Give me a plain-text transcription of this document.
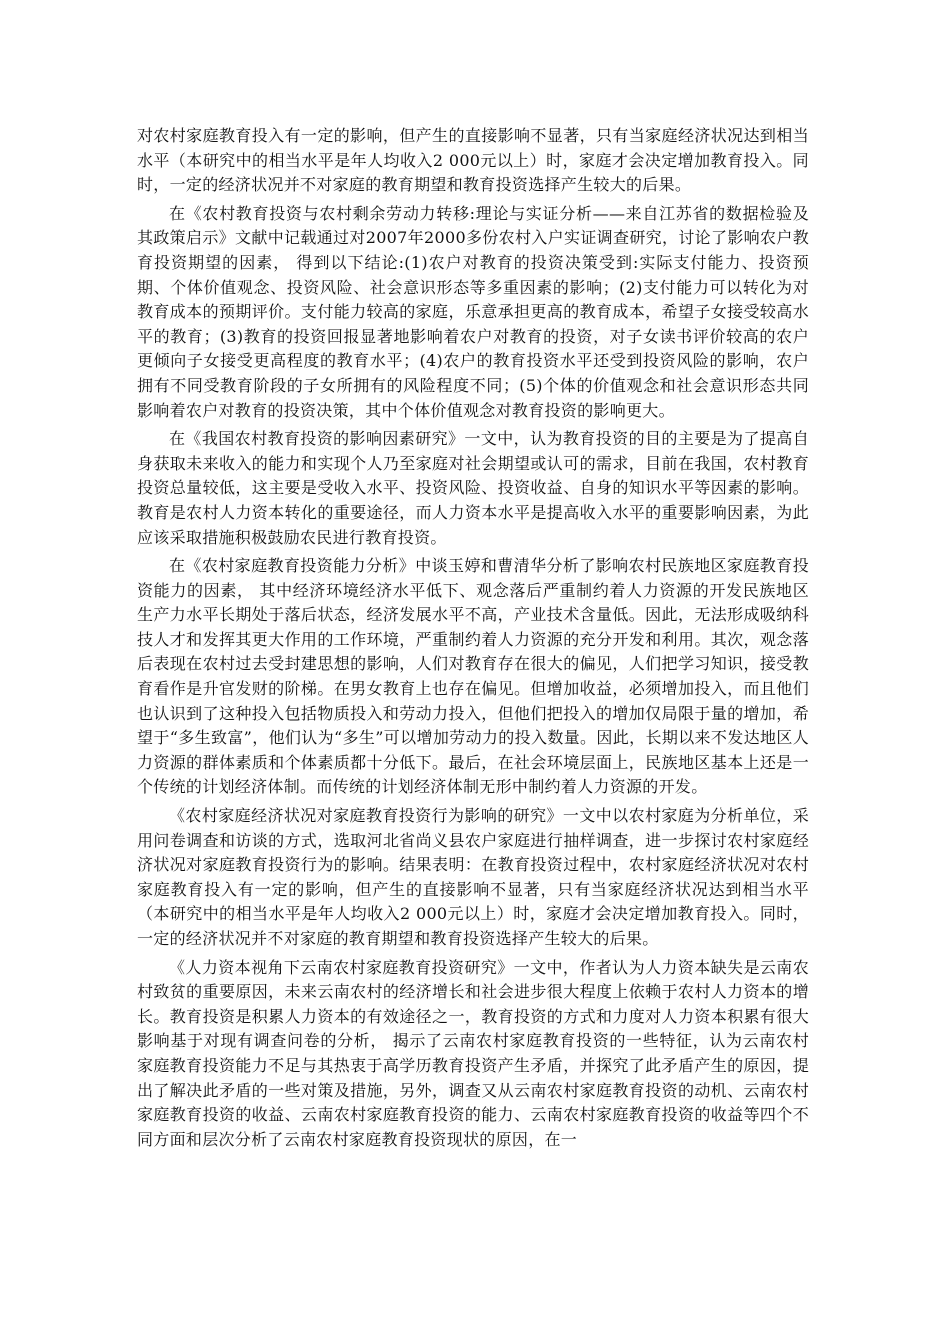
对农村家庭教育投入有一定的影响，但产生的直接影响不显著，只有当家庭经济状况达到相当水平（本研究中的相当水平是年人均收入2 000元以上）时，家庭才会决定增加教育投入。同时，一定的经济状况并不对家庭的教育期望和教育投资选择产生较大的后果。

在《农村教育投资与农村剩余劳动力转移:理论与实证分析——来自江苏省的数据检验及其政策启示》文献中记载通过对2007年2000多份农村入户实证调查研究，讨论了影响农户教育投资期望的因素， 得到以下结论:(1)农户对教育的投资决策受到:实际支付能力、投资预期、个体价值观念、投资风险、社会意识形态等多重因素的影响；(2)支付能力可以转化为对教育成本的预期评价。支付能力较高的家庭，乐意承担更高的教育成本，希望子女接受较高水平的教育；(3)教育的投资回报显著地影响着农户对教育的投资，对子女读书评价较高的农户更倾向子女接受更高程度的教育水平；(4)农户的教育投资水平还受到投资风险的影响，农户拥有不同受教育阶段的子女所拥有的风险程度不同；(5)个体的价值观念和社会意识形态共同影响着农户对教育的投资决策，其中个体价值观念对教育投资的影响更大。

在《我国农村教育投资的影响因素研究》一文中，认为教育投资的目的主要是为了提高自身获取未来收入的能力和实现个人乃至家庭对社会期望或认可的需求，目前在我国，农村教育投资总量较低，这主要是受收入水平、投资风险、投资收益、自身的知识水平等因素的影响。教育是农村人力资本转化的重要途径，而人力资本水平是提高收入水平的重要影响因素，为此应该采取措施积极鼓励农民进行教育投资。

在《农村家庭教育投资能力分析》中谈玉婷和曹清华分析了影响农村民族地区家庭教育投资能力的因素， 其中经济环境经济水平低下、观念落后严重制约着人力资源的开发民族地区生产力水平长期处于落后状态，经济发展水平不高，产业技术含量低。因此，无法形成吸纳科技人才和发挥其更大作用的工作环境，严重制约着人力资源的充分开发和利用。其次，观念落后表现在农村过去受封建思想的影响，人们对教育存在很大的偏见，人们把学习知识，接受教育看作是升官发财的阶梯。在男女教育上也存在偏见。但增加收益，必须增加投入，而且他们也认识到了这种投入包括物质投入和劳动力投入，但他们把投入的增加仅局限于量的增加，希望于“多生致富”，他们认为“多生”可以增加劳动力的投入数量。因此，长期以来不发达地区人力资源的群体素质和个体素质都十分低下。最后，在社会环境层面上，民族地区基本上还是一个传统的计划经济体制。而传统的计划经济体制无形中制约着人力资源的开发。

《农村家庭经济状况对家庭教育投资行为影响的研究》一文中以农村家庭为分析单位，采用问卷调查和访谈的方式，选取河北省尚义县农户家庭进行抽样调查，进一步探讨农村家庭经济状况对家庭教育投资行为的影响。结果表明：在教育投资过程中，农村家庭经济状况对农村家庭教育投入有一定的影响，但产生的直接影响不显著，只有当家庭经济状况达到相当水平（本研究中的相当水平是年人均收入2 000元以上）时，家庭才会决定增加教育投入。同时，一定的经济状况并不对家庭的教育期望和教育投资选择产生较大的后果。

《人力资本视角下云南农村家庭教育投资研究》一文中，作者认为人力资本缺失是云南农村致贫的重要原因，未来云南农村的经济增长和社会进步很大程度上依赖于农村人力资本的增长。教育投资是积累人力资本的有效途径之一，教育投资的方式和力度对人力资本积累有很大影响基于对现有调查问卷的分析， 揭示了云南农村家庭教育投资的一些特征，认为云南农村家庭教育投资能力不足与其热衷于高学历教育投资产生矛盾，并探究了此矛盾产生的原因，提出了解决此矛盾的一些对策及措施，另外，调查又从云南农村家庭教育投资的动机、云南农村家庭教育投资的收益、云南农村家庭教育投资的能力、云南农村家庭教育投资的收益等四个不同方面和层次分析了云南农村家庭教育投资现状的原因，在一
